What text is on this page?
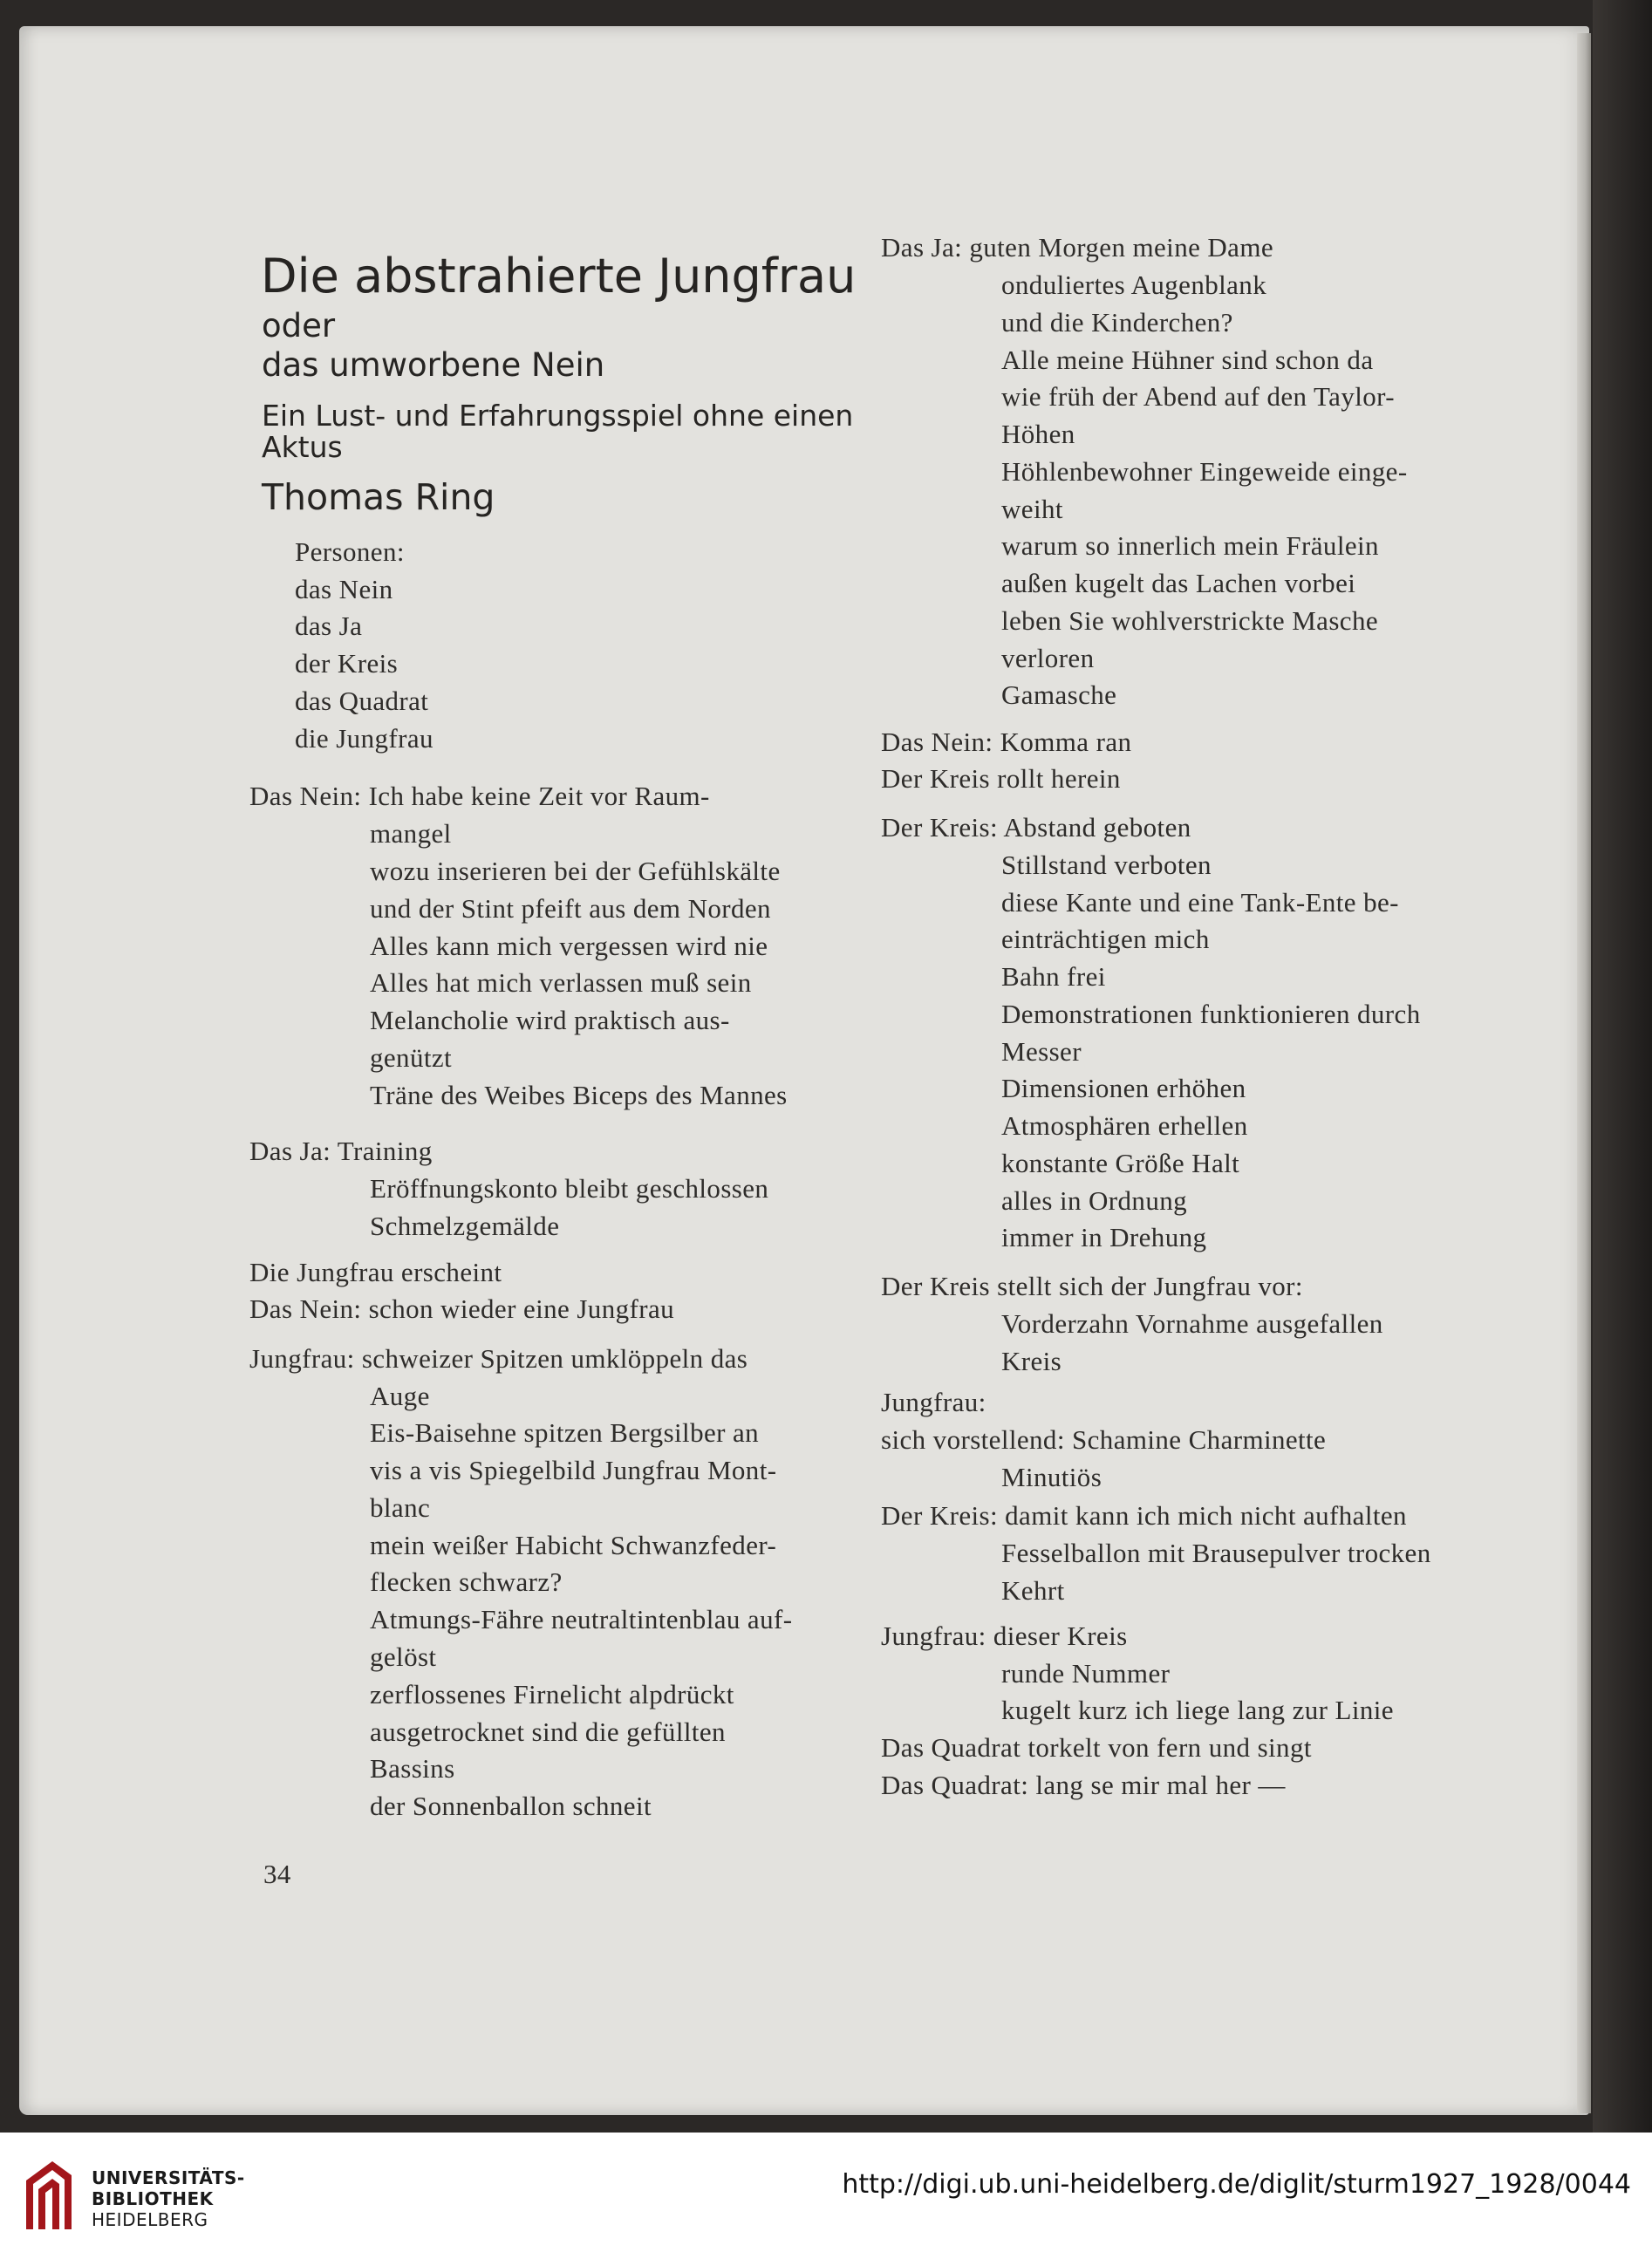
Die abstrahierte Jungfrau
oder
das umworbene Nein
Ein Lust- und Erfahrungsspiel ohne einen
Aktus
Thomas Ring
Personen:
das Nein
das Ja
der Kreis
das Quadrat
die Jungfrau
Das Nein: Ich habe keine Zeit vor Raum-
mangel
wozu inserieren bei der Gefühlskälte
und der Stint pfeift aus dem Norden
Alles kann mich vergessen wird nie
Alles hat mich verlassen muß sein
Melancholie wird praktisch aus-
genützt
Träne des Weibes Biceps des Mannes
Das Ja: Training
Eröffnungskonto bleibt geschlossen
Schmelzgemälde
Die Jungfrau erscheint
Das Nein: schon wieder eine Jungfrau
Jungfrau: schweizer Spitzen umklöppeln das
Auge
Eis-Baisehne spitzen Bergsilber an
vis a vis Spiegelbild Jungfrau Mont-
blanc
mein weißer Habicht Schwanzfeder-
flecken schwarz?
Atmungs-Fähre neutraltintenblau auf-
gelöst
zerflossenes Firnelicht alpdrückt
ausgetrocknet sind die gefüllten
Bassins
der Sonnenballon schneit
Das Ja: guten Morgen meine Dame
onduliertes Augenblank
und die Kinderchen?
Alle meine Hühner sind schon da
wie früh der Abend auf den Taylor-
Höhen
Höhlenbewohner Eingeweide einge-
weiht
warum so innerlich mein Fräulein
außen kugelt das Lachen vorbei
leben Sie wohlverstrickte Masche
verloren
Gamasche
Das Nein: Komma ran
Der Kreis rollt herein
Der Kreis: Abstand geboten
Stillstand verboten
diese Kante und eine Tank-Ente be-
einträchtigen mich
Bahn frei
Demonstrationen funktionieren durch
Messer
Dimensionen erhöhen
Atmosphären erhellen
konstante Größe Halt
alles in Ordnung
immer in Drehung
Der Kreis stellt sich der Jungfrau vor:
Vorderzahn Vornahme ausgefallen
Kreis
Jungfrau:
sich vorstellend: Schamine Charminette
Minutiös
Der Kreis: damit kann ich mich nicht aufhalten
Fesselballon mit Brausepulver trocken
Kehrt
Jungfrau: dieser Kreis
runde Nummer
kugelt kurz ich liege lang zur Linie
Das Quadrat torkelt von fern und singt
Das Quadrat: lang se mir mal her —
34
UNIVERSITÄTS-
BIBLIOTHEK
HEIDELBERG
http://digi.ub.uni-heidelberg.de/diglit/sturm1927_1928/0044
